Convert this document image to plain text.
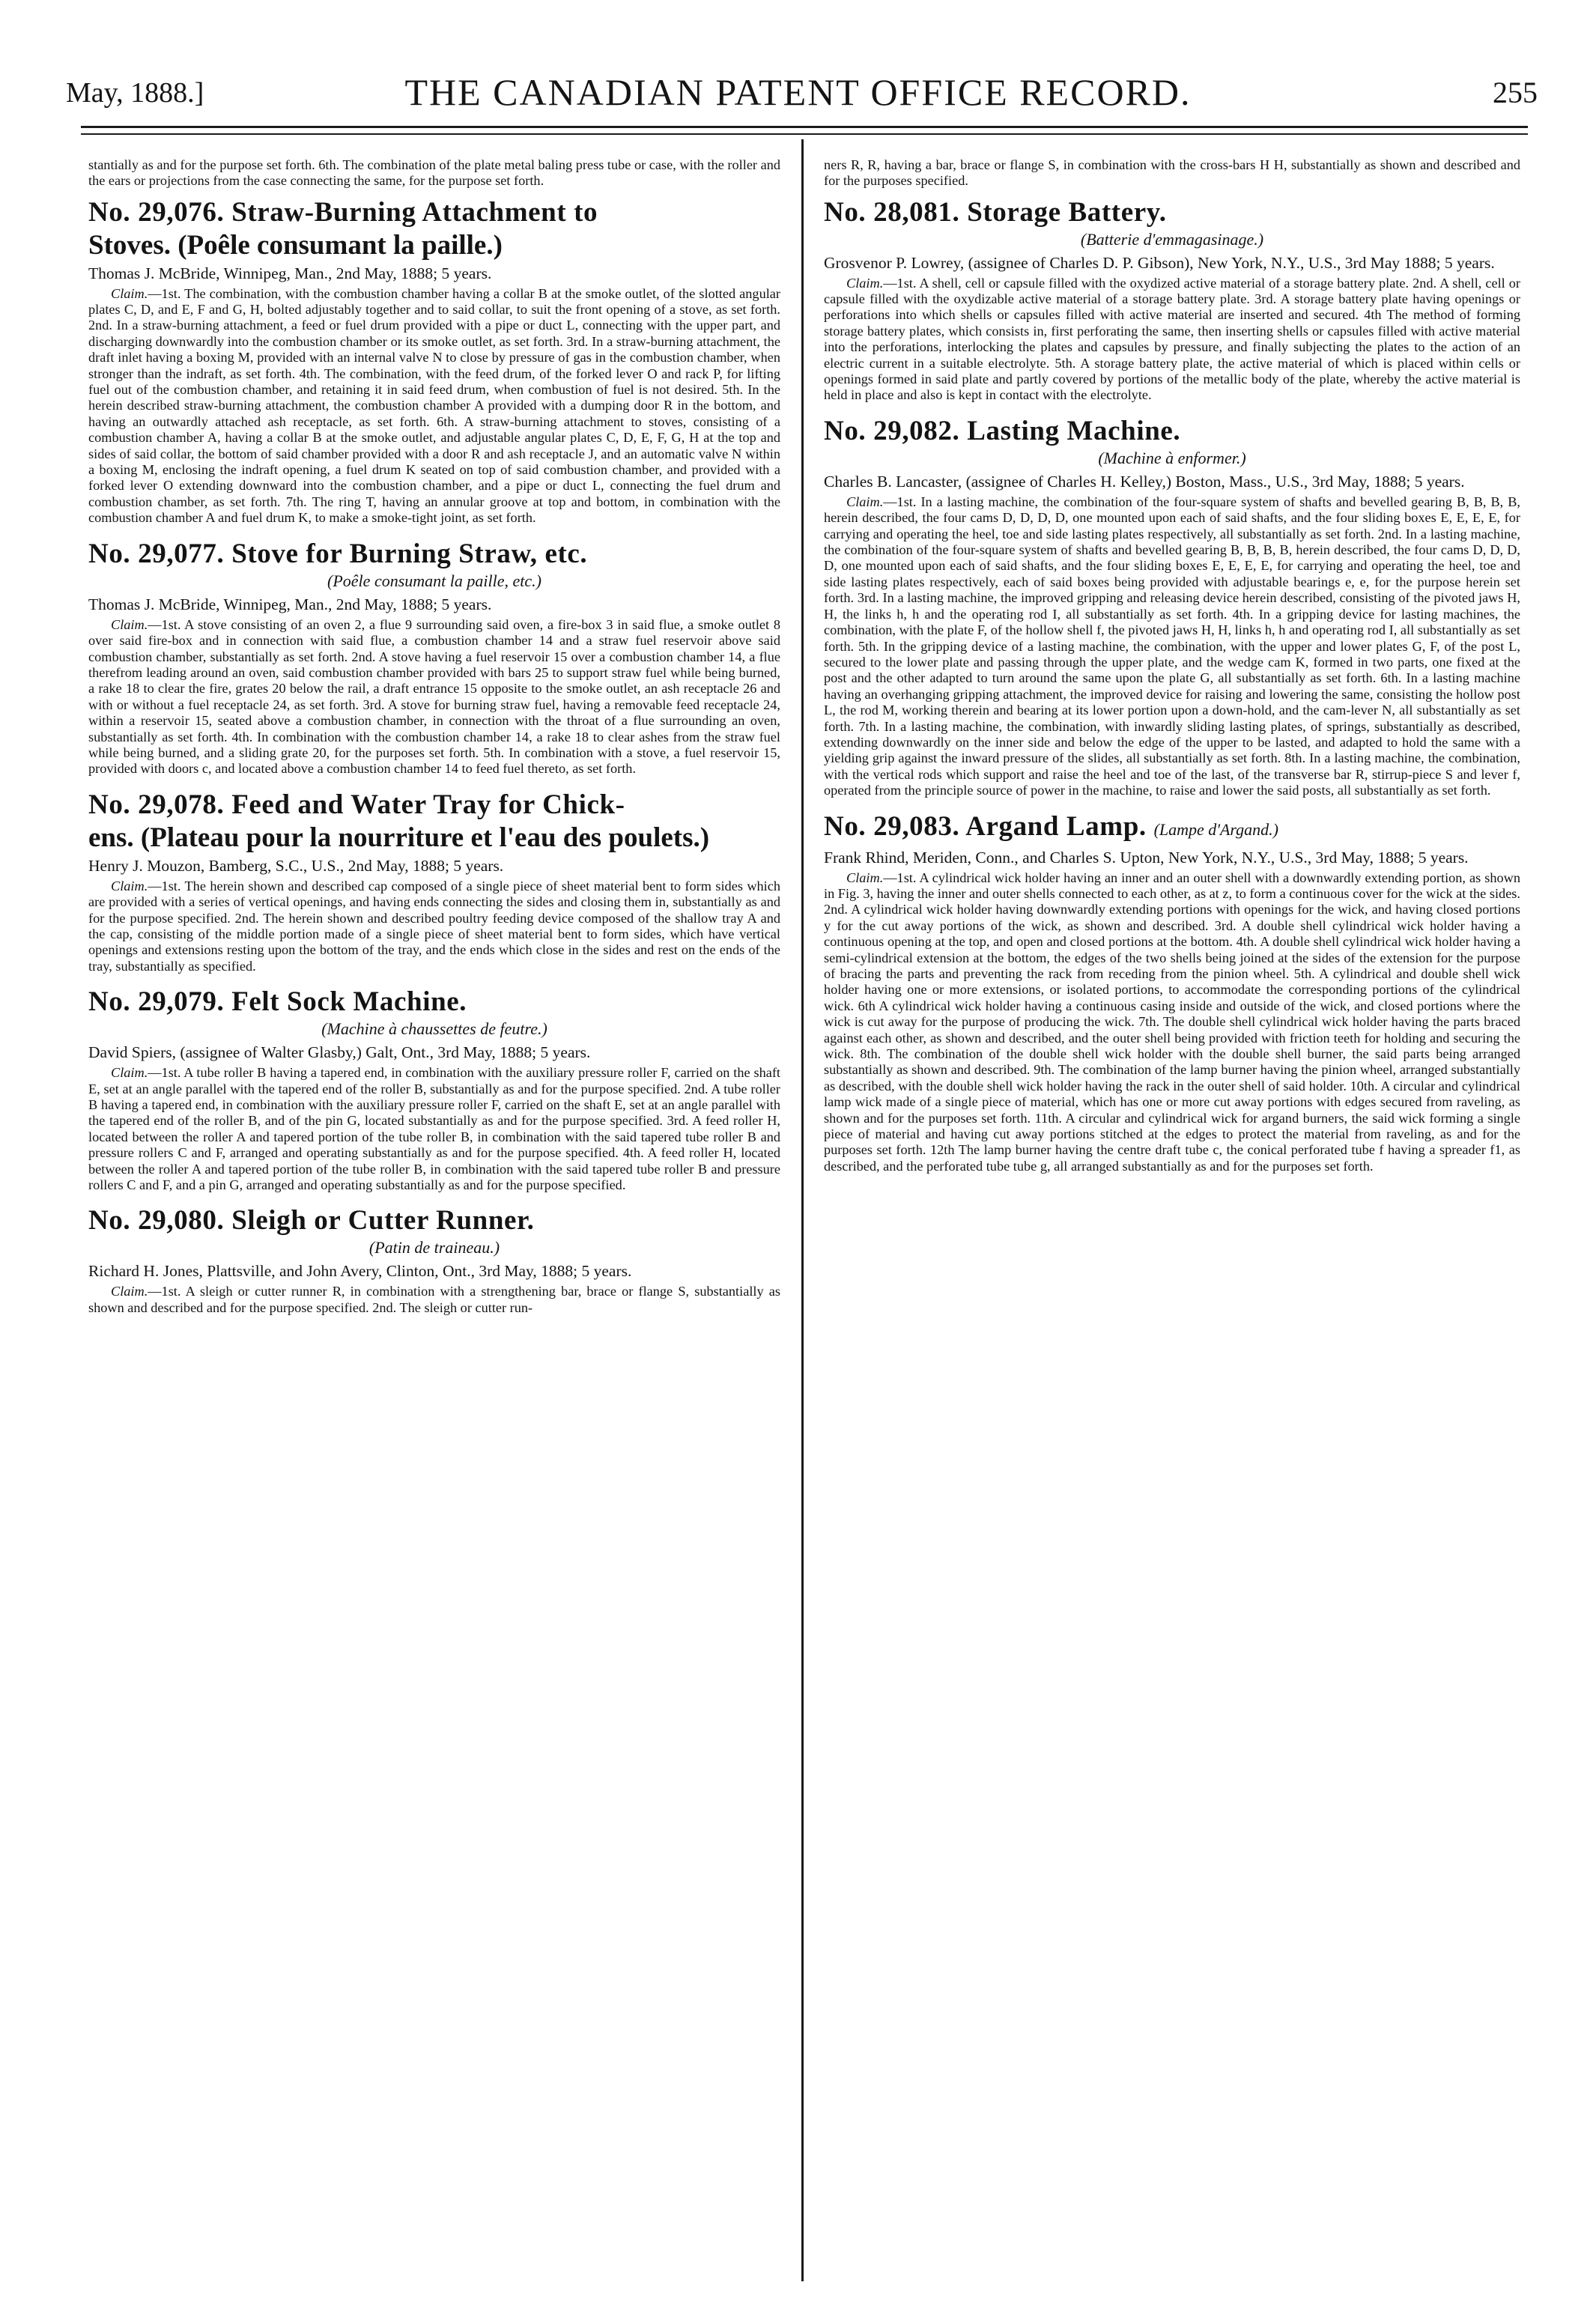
May, 1888.]	THE CANADIAN PATENT OFFICE RECORD.	255

stantially as and for the purpose set forth. 6th. The combination of the plate metal baling press tube or case, with the roller and the ears or projections from the case connecting the same, for the purpose set forth.

No. 29,076. Straw-Burning Attachment to
Stoves. (Poêle consumant la paille.)
Thomas J. McBride, Winnipeg, Man., 2nd May, 1888; 5 years.

Claim.—1st. The combination, with the combustion chamber having a collar B at the smoke outlet, of the slotted angular plates C, D, and E, F and G, H, bolted adjustably together and to said collar, to suit the front opening of a stove, as set forth. 2nd. In a straw-burning attachment, a feed or fuel drum provided with a pipe or duct L, connecting with the upper part, and discharging downwardly into the combustion chamber or its smoke outlet, as set forth. 3rd. In a straw-burning attachment, the draft inlet having a boxing M, provided with an internal valve N to close by pressure of gas in the combustion chamber, when stronger than the indraft, as set forth. 4th. The combination, with the feed drum, of the forked lever O and rack P, for lifting fuel out of the combustion chamber, and retaining it in said feed drum, when combustion of fuel is not desired. 5th. In the herein described straw-burning attachment, the combustion chamber A provided with a dumping door R in the bottom, and having an outwardly attached ash receptacle, as set forth. 6th. A straw-burning attachment to stoves, consisting of a combustion chamber A, having a collar B at the smoke outlet, and adjustable angular plates C, D, E, F, G, H at the top and sides of said collar, the bottom of said chamber provided with a door R and ash receptacle J, and an automatic valve N within a boxing M, enclosing the indraft opening, a fuel drum K seated on top of said combustion chamber, and provided with a forked lever O extending downward into the combustion chamber, and a pipe or duct L, connecting the fuel drum and combustion chamber, as set forth. 7th. The ring T, having an annular groove at top and bottom, in combination with the combustion chamber A and fuel drum K, to make a smoke-tight joint, as set forth.

No. 29,077. Stove for Burning Straw, etc.
(Poêle consumant la paille, etc.)
Thomas J. McBride, Winnipeg, Man., 2nd May, 1888; 5 years.

Claim.—1st. A stove consisting of an oven 2, a flue 9 surrounding said oven, a fire-box 3 in said flue, a smoke outlet 8 over said fire-box and in connection with said flue, a combustion chamber 14 and a straw fuel reservoir above said combustion chamber, substantially as set forth. 2nd. A stove having a fuel reservoir 15 over a combustion chamber 14, a flue therefrom leading around an oven, said combustion chamber provided with bars 25 to support straw fuel while being burned, a rake 18 to clear the fire, grates 20 below the rail, a draft entrance 15 opposite to the smoke outlet, an ash receptacle 26 and with or without a fuel receptacle 24, as set forth. 3rd. A stove for burning straw fuel, having a removable feed receptacle 24, within a reservoir 15, seated above a combustion chamber, in connection with the throat of a flue surrounding an oven, substantially as set forth. 4th. In combination with the combustion chamber 14, a rake 18 to clear ashes from the straw fuel while being burned, and a sliding grate 20, for the purposes set forth. 5th. In combination with a stove, a fuel reservoir 15, provided with doors c, and located above a combustion chamber 14 to feed fuel thereto, as set forth.

No. 29,078. Feed and Water Tray for Chick-
ens. (Plateau pour la nourriture et l'eau des poulets.)
Henry J. Mouzon, Bamberg, S.C., U.S., 2nd May, 1888; 5 years.

Claim.—1st. The herein shown and described cap composed of a single piece of sheet material bent to form sides which are provided with a series of vertical openings, and having ends connecting the sides and closing them in, substantially as and for the purpose specified. 2nd. The herein shown and described poultry feeding device composed of the shallow tray A and the cap, consisting of the middle portion made of a single piece of sheet material bent to form sides, which have vertical openings and extensions resting upon the bottom of the tray, and the ends which close in the sides and rest on the ends of the tray, substantially as specified.

No. 29,079. Felt Sock Machine.
(Machine à chaussettes de feutre.)
David Spiers, (assignee of Walter Glasby,) Galt, Ont., 3rd May, 1888; 5 years.

Claim.—1st. A tube roller B having a tapered end, in combination with the auxiliary pressure roller F, carried on the shaft E, set at an angle parallel with the tapered end of the roller B, substantially as and for the purpose specified. 2nd. A tube roller B having a tapered end, in combination with the auxiliary pressure roller F, carried on the shaft E, set at an angle parallel with the tapered end of the roller B, and of the pin G, located substantially as and for the purpose specified. 3rd. A feed roller H, located between the roller A and tapered portion of the tube roller B, in combination with the said tapered tube roller B and pressure rollers C and F, arranged and operating substantially as and for the purpose specified. 4th. A feed roller H, located between the roller A and tapered portion of the tube roller B, in combination with the said tapered tube roller B and pressure rollers C and F, and a pin G, arranged and operating substantially as and for the purpose specified.

No. 29,080. Sleigh or Cutter Runner.
(Patin de traineau.)
Richard H. Jones, Plattsville, and John Avery, Clinton, Ont., 3rd May, 1888; 5 years.

Claim.—1st. A sleigh or cutter runner R, in combination with a strengthening bar, brace or flange S, substantially as shown and described and for the purpose specified. 2nd. The sleigh or cutter run-

ners R, R, having a bar, brace or flange S, in combination with the cross-bars H H, substantially as shown and described and for the purposes specified.

No. 28,081. Storage Battery.
(Batterie d'emmagasinage.)
Grosvenor P. Lowrey, (assignee of Charles D. P. Gibson), New York, N.Y., U.S., 3rd May 1888; 5 years.

Claim.—1st. A shell, cell or capsule filled with the oxydized active material of a storage battery plate. 2nd. A shell, cell or capsule filled with the oxydizable active material of a storage battery plate. 3rd. A storage battery plate having openings or perforations into which shells or capsules filled with active material are inserted and secured. 4th The method of forming storage battery plates, which consists in, first perforating the same, then inserting shells or capsules filled with active material into the perforations, interlocking the plates and capsules by pressure, and finally subjecting the plates to the action of an electric current in a suitable electrolyte. 5th. A storage battery plate, the active material of which is placed within cells or openings formed in said plate and partly covered by portions of the metallic body of the plate, whereby the active material is held in place and also is kept in contact with the electrolyte.

No. 29,082. Lasting Machine.
(Machine à enformer.)
Charles B. Lancaster, (assignee of Charles H. Kelley,) Boston, Mass., U.S., 3rd May, 1888; 5 years.

Claim.—1st. In a lasting machine, the combination of the four-square system of shafts and bevelled gearing B, B, B, B, herein described, the four cams D, D, D, D, one mounted upon each of said shafts, and the four sliding boxes E, E, E, E, for carrying and operating the heel, toe and side lasting plates respectively, all substantially as set forth. 2nd. In a lasting machine, the combination of the four-square system of shafts and bevelled gearing B, B, B, B, herein described, the four cams D, D, D, D, one mounted upon each of said shafts, and the four sliding boxes E, E, E, E, for carrying and operating the heel, toe and side lasting plates respectively, each of said boxes being provided with adjustable bearings e, e, for the purpose herein set forth. 3rd. In a lasting machine, the improved gripping and releasing device herein described, consisting of the pivoted jaws H, H, the links h, h and the operating rod I, all substantially as set forth. 4th. In a gripping device for lasting machines, the combination, with the plate F, of the hollow shell f, the pivoted jaws H, H, links h, h and operating rod I, all substantially as set forth. 5th. In the gripping device of a lasting machine, the combination, with the upper and lower plates G, F, of the post L, secured to the lower plate and passing through the upper plate, and the wedge cam K, formed in two parts, one fixed at the post and the other adapted to turn around the same upon the plate G, all substantially as set forth. 6th. In a lasting machine having an overhanging gripping attachment, the improved device for raising and lowering the same, consisting the hollow post L, the rod M, working therein and bearing at its lower portion upon a down-hold, and the cam-lever N, all substantially as set forth. 7th. In a lasting machine, the combination, with inwardly sliding lasting plates, of springs, substantially as described, extending downwardly on the inner side and below the edge of the upper to be lasted, and adapted to hold the same with a yielding grip against the inward pressure of the slides, all substantially as set forth. 8th. In a lasting machine, the combination, with the vertical rods which support and raise the heel and toe of the last, of the transverse bar R, stirrup-piece S and lever f, operated from the principle source of power in the machine, to raise and lower the said posts, all substantially as set forth.

No. 29,083. Argand Lamp. (Lampe d'Argand.)
Frank Rhind, Meriden, Conn., and Charles S. Upton, New York, N.Y., U.S., 3rd May, 1888; 5 years.

Claim.—1st. A cylindrical wick holder having an inner and an outer shell with a downwardly extending portion, as shown in Fig. 3, having the inner and outer shells connected to each other, as at z, to form a continuous cover for the wick at the sides. 2nd. A cylindrical wick holder having downwardly extending portions with openings for the wick, and having closed portions y for the cut away portions of the wick, as shown and described. 3rd. A double shell cylindrical wick holder having a continuous opening at the top, and open and closed portions at the bottom. 4th. A double shell cylindrical wick holder having a semi-cylindrical extension at the bottom, the edges of the two shells being joined at the sides of the extension for the purpose of bracing the parts and preventing the rack from receding from the pinion wheel. 5th. A cylindrical and double shell wick holder having one or more extensions, or isolated portions, to accommodate the corresponding portions of the cylindrical wick. 6th A cylindrical wick holder having a continuous casing inside and outside of the wick, and closed portions where the wick is cut away for the purpose of producing the wick. 7th. The double shell cylindrical wick holder having the parts braced against each other, as shown and described, and the outer shell being provided with friction teeth for holding and securing the wick. 8th. The combination of the double shell wick holder with the double shell burner, the said parts being arranged substantially as shown and described. 9th. The combination of the lamp burner having the pinion wheel, arranged substantially as described, with the double shell wick holder having the rack in the outer shell of said holder. 10th. A circular and cylindrical lamp wick made of a single piece of material, which has one or more cut away portions with edges secured from raveling, as shown and for the purposes set forth. 11th. A circular and cylindrical wick for argand burners, the said wick forming a single piece of material and having cut away portions stitched at the edges to protect the material from raveling, as and for the purposes set forth. 12th The lamp burner having the centre draft tube c, the conical perforated tube f having a spreader f1, as described, and the perforated tube tube g, all arranged substantially as and for the purposes set forth.
